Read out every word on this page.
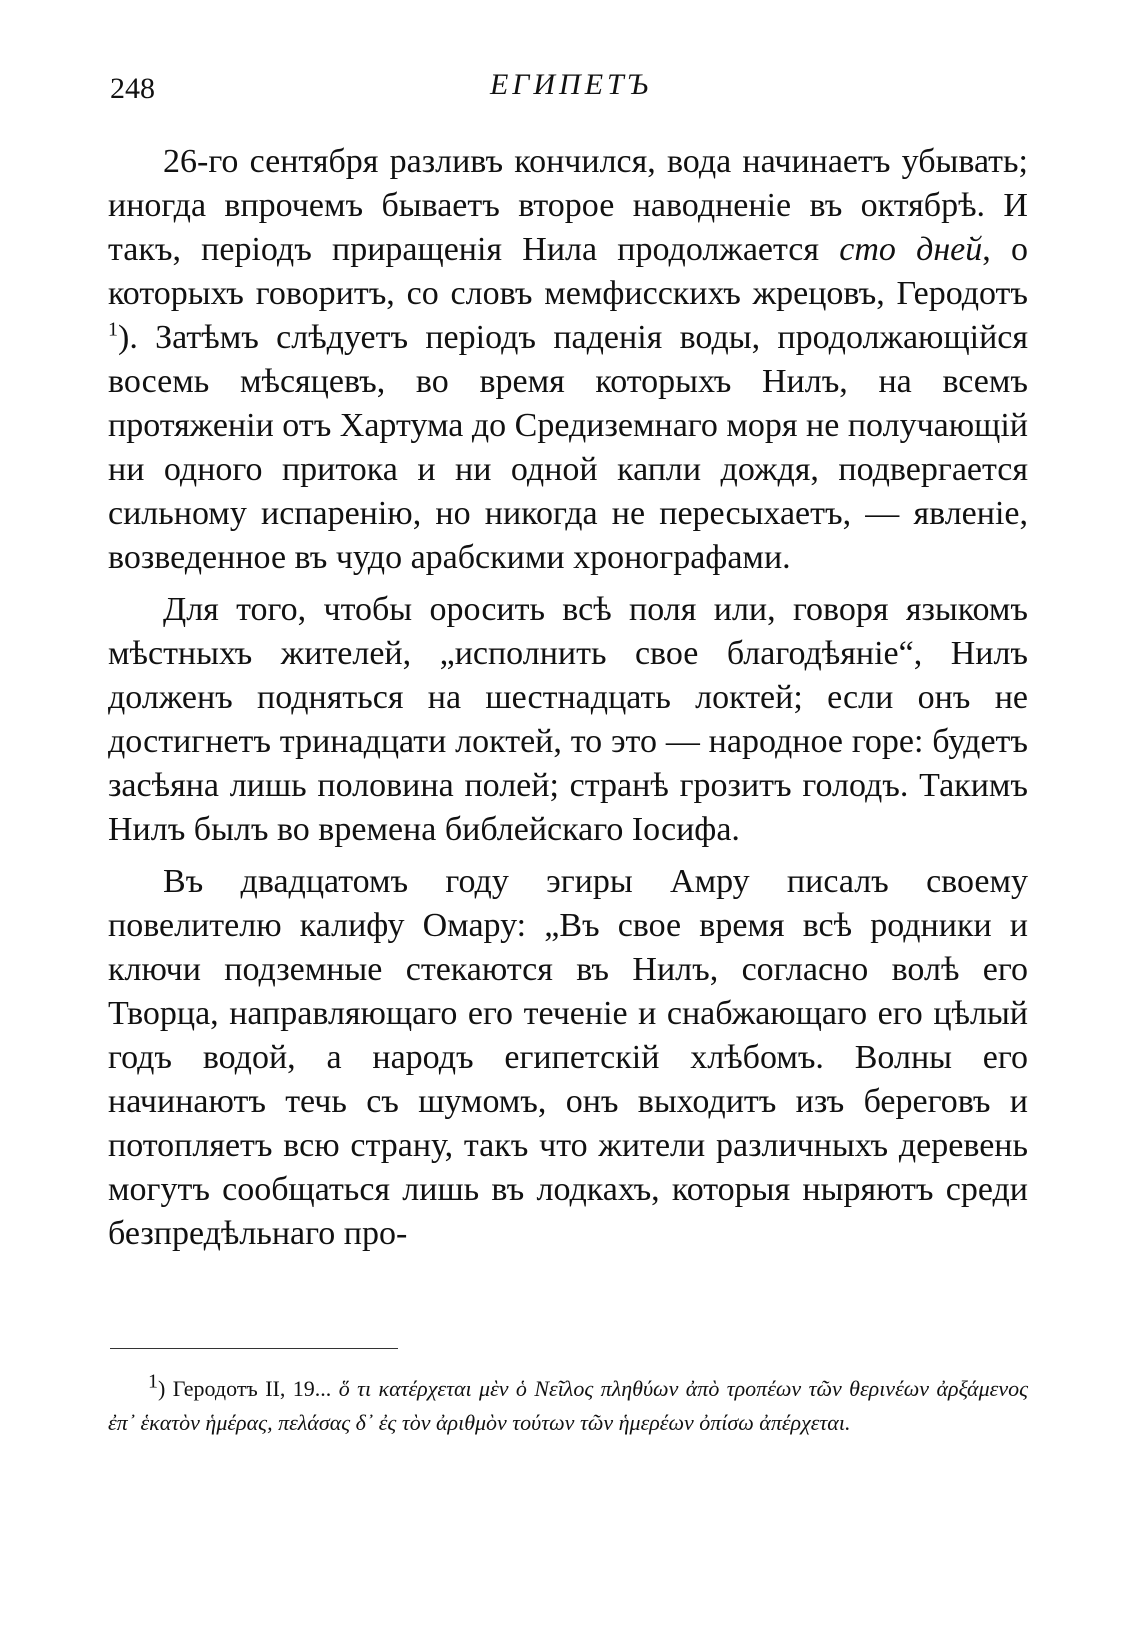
248	ЕГИПЕТЪ

26-го сентября разливъ кончился, вода начинаетъ убывать; иногда впрочемъ бываетъ второе наводненіе въ октябрѣ. И такъ, періодъ приращенія Нила продолжается сто дней, о которыхъ говоритъ, со словъ мемфисскихъ жрецовъ, Геродотъ $^1$). Затѣмъ слѣдуетъ періодъ паденія воды, продолжающійся восемь мѣсяцевъ, во время которыхъ Нилъ, на всемъ протяженіи отъ Хартума до Средиземнаго моря не получающій ни одного притока и ни одной капли дождя, подвергается сильному испаренію, но никогда не пересыхаетъ, — явленіе, возведенное въ чудо арабскими хронографами.

Для того, чтобы оросить всѣ поля или, говоря языкомъ мѣстныхъ жителей, „исполнить свое благодѣяніе“, Нилъ долженъ подняться на шестнадцать локтей; если онъ не достигнетъ тринадцати локтей, то это — народное горе: будетъ засѣяна лишь половина полей; странѣ грозитъ голодъ. Такимъ Нилъ былъ во времена библейскаго Іосифа.

Въ двадцатомъ году эгиры Амру писалъ своему повелителю калифу Омару: „Въ свое время всѣ родники и ключи подземные стекаются въ Нилъ, согласно волѣ его Творца, направляющаго его теченіе и снабжающаго его цѣлый годъ водой, а народъ египетскій хлѣбомъ. Волны его начинаютъ течь съ шумомъ, онъ выходитъ изъ береговъ и потопляетъ всю страну, такъ что жители различныхъ деревень могутъ сообщаться лишь въ лодкахъ, которыя ныряютъ среди безпредѣльнаго про-

1) Геродотъ II, 19... ὅ τι κατέρχεται μὲν ὁ Νεῖλος πληθύων ἀπὸ τροπέων τῶν θερινέων ἀρξάμενος ἐπ᾽ ἑκατὸν ἡμέρας, πελάσας δ᾽ ἐς τὸν ἀριθμὸν τούτων τῶν ἡμερέων ὀπίσω ἀπέρχεται.
